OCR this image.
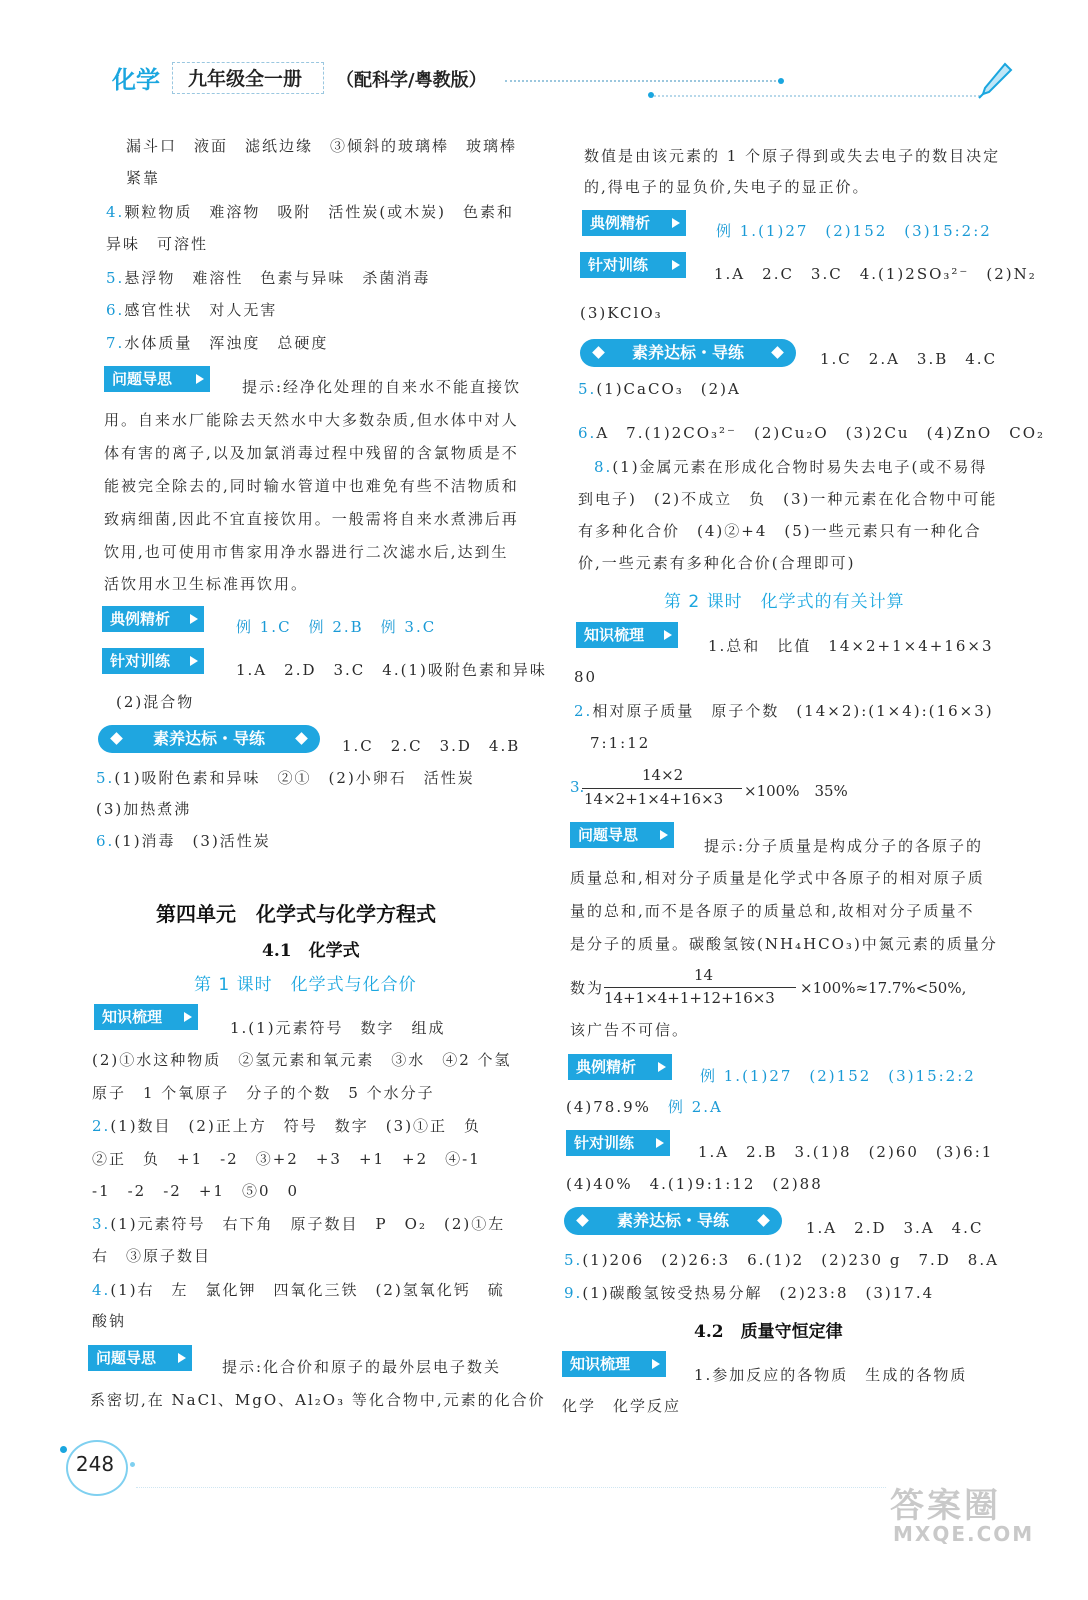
化学 九年级全一册 （配科学/粤教版）
漏斗口　液面　滤纸边缘　③倾斜的玻璃棒　玻璃棒
紧靠
4.颗粒物质　难溶物　吸附　活性炭(或木炭)　色素和
异味　可溶性
5.悬浮物　难溶性　色素与异味　杀菌消毒
6.感官性状　对人无害
7.水体质量　浑浊度　总硬度
问题导思	提示:经净化处理的自来水不能直接饮
用。自来水厂能除去天然水中大多数杂质,但水体中对人
体有害的离子,以及加氯消毒过程中残留的含氯物质是不
能被完全除去的,同时输水管道中也难免有些不洁物质和
致病细菌,因此不宜直接饮用。一般需将自来水煮沸后再
饮用,也可使用市售家用净水器进行二次滤水后,达到生
活饮用水卫生标准再饮用。
典例精析	例 1.C　例 2.B　例 3.C
针对训练	1.A　2.D　3.C　4.(1)吸附色素和异味
(2)混合物
素养达标・导练	1.C　2.C　3.D　4.B
5.(1)吸附色素和异味　②①　(2)小卵石　活性炭
(3)加热煮沸
6.(1)消毒　(3)活性炭
第四单元　化学式与化学方程式
4.1　化学式
第 1 课时　化学式与化合价
知识梳理
1.(1)元素符号　数字　组成
(2)①水这种物质　②氢元素和氧元素　③水　④2 个氢
原子　1 个氧原子　分子的个数　5 个水分子
2.(1)数目　(2)正上方　符号　数字　(3)①正　负
②正　负　+1　-2　③+2　+3　+1　+2　④-1
-1　-2　-2　+1　⑤0　0
3.(1)元素符号　右下角　原子数目　P　O₂　(2)①左
右　③原子数目
4.(1)右　左　氯化钾　四氧化三铁　(2)氢氧化钙　硫
酸钠
问题导思	提示:化合价和原子的最外层电子数关
系密切,在 NaCl、MgO、Al₂O₃ 等化合物中,元素的化合价
数值是由该元素的 1 个原子得到或失去电子的数目决定
的,得电子的显负价,失电子的显正价。
典例精析	例 1.(1)27　(2)152　(3)15:2:2
针对训练	1.A　2.C　3.C　4.(1)2SO₃²⁻　(2)N₂
(3)KClO₃
素养达标・导练	1.C　2.A　3.B　4.C
5.(1)CaCO₃　(2)A
6.A　7.(1)2CO₃²⁻　(2)Cu₂O　(3)2Cu　(4)ZnO　CO₂
8.(1)金属元素在形成化合物时易失去电子(或不易得
到电子)　(2)不成立　负　(3)一种元素在化合物中可能
有多种化合价　(4)②+4　(5)一些元素只有一种化合
价,一些元素有多种化合价(合理即可)
第 2 课时　化学式的有关计算
知识梳理
1.总和　比值　14×2+1×4+16×3
80
2.相对原子质量　原子个数　(14×2):(1×4):(16×3)
7:1:12
3.
14×2
14×2+1×4+16×3 ×100%　35%
问题导思
提示:分子质量是构成分子的各原子的
质量总和,相对分子质量是化学式中各原子的相对原子质
量的总和,而不是各原子的质量总和,故相对分子质量不
是分子的质量。碳酸氢铵(NH₄HCO₃)中氮元素的质量分
数为
14
14+1×4+1+12+16×3
×100%≈17.7%<50%,
该广告不可信。
典例精析	例 1.(1)27　(2)152　(3)15:2:2
(4)78.9%　 例 2.A
针对训练	1.A　2.B　3.(1)8　(2)60　(3)6:1
(4)40%　4.(1)9:1:12　(2)88
素养达标・导练	1.A　2.D　3.A　4.C
5.(1)206　(2)26:3　6.(1)2　(2)230 g　7.D　8.A
9.(1)碳酸氢铵受热易分解　(2)23:8　(3)17.4
4.2　质量守恒定律
知识梳理
1.参加反应的各物质　生成的各物质
化学　化学反应
248
答案圈
MXQE.COM
